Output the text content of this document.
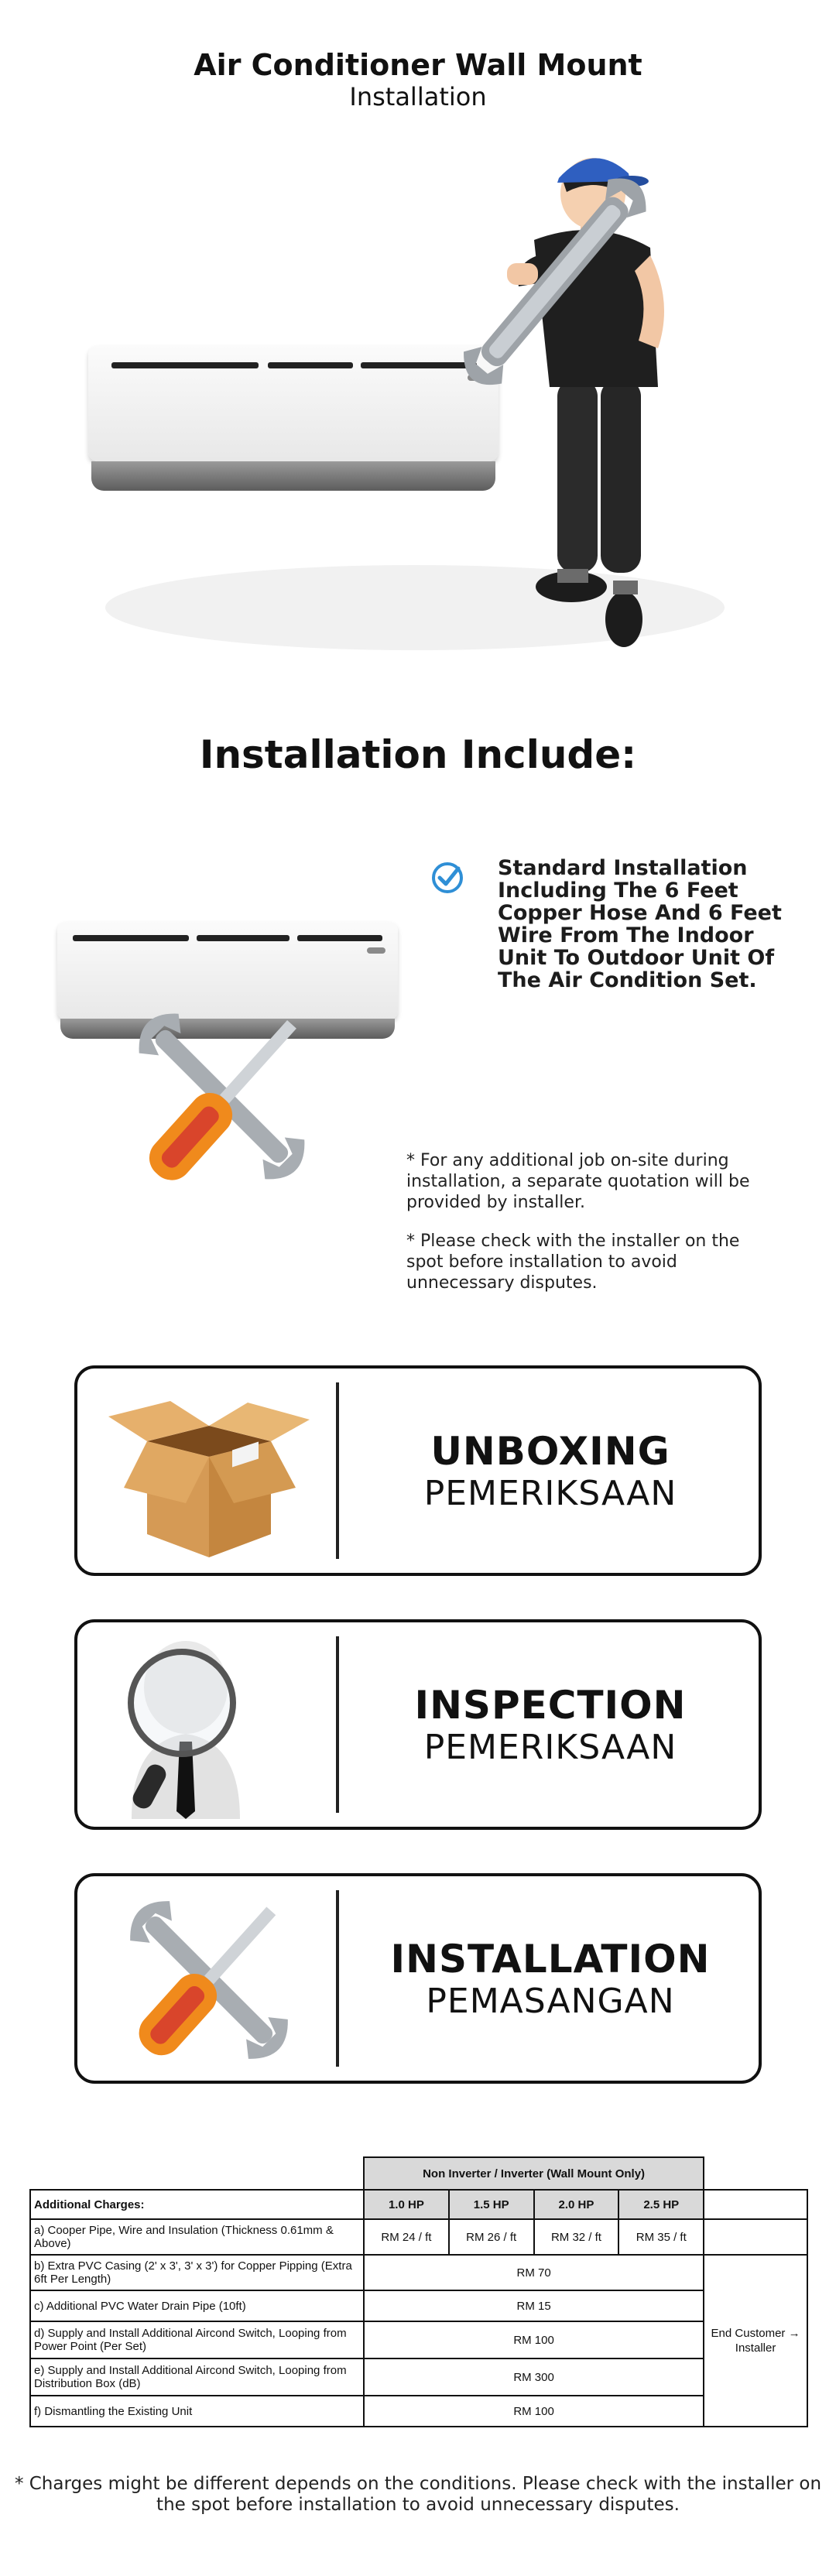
Air Conditioner Wall Mount
Installation
Installation Include:
Standard Installation Including The 6 Feet Copper Hose And 6 Feet Wire From The Indoor Unit To Outdoor Unit Of The Air Condition Set.
* For any additional job on-site during installation, a separate quotation will be provided by installer.
* Please check with the installer on the spot before installation to avoid unnecessary disputes.
UNBOXING
PEMERIKSAAN
INSPECTION
PEMERIKSAAN
INSTALLATION
PEMASANGAN
	Non Inverter / Inverter (Wall Mount Only)				
Additional Charges:	1.0 HP	1.5 HP	2.0 HP	2.5 HP	
a) Cooper Pipe, Wire and Insulation (Thickness 0.61mm & Above)	RM 24 / ft	RM 26 / ft	RM 32 / ft	RM 35 / ft	
b) Extra PVC Casing (2' x 3', 3' x 3') for Copper Pipping (Extra 6ft Per Length)	RM 70				End Customer → Installer
c) Additional PVC Water Drain Pipe (10ft)	RM 15				
d) Supply and Install Additional Aircond Switch, Looping from Power Point (Per Set)	RM 100				
e) Supply and Install Additional Aircond Switch, Looping from Distribution Box (dB)	RM 300				
f) Dismantling the Existing Unit	RM 100				
* Charges might be different depends on the conditions. Please check with the installer on the spot before installation to avoid unnecessary disputes.
